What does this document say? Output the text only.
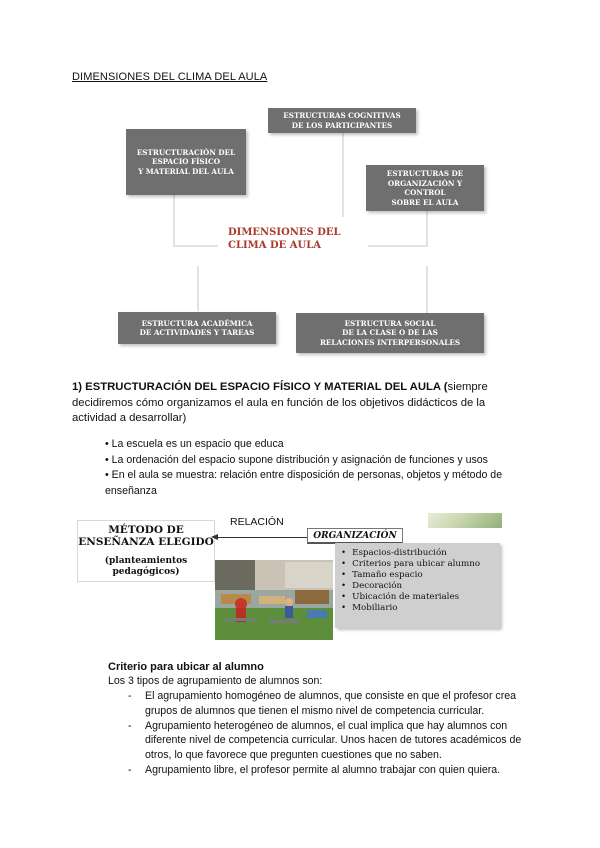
DIMENSIONES DEL CLIMA DEL AULA
ESTRUCTURACIÓN DEL
ESPACIO FÍSICO
Y MATERIAL DEL AULA
ESTRUCTURAS COGNITIVAS
DE LOS PARTICIPANTES
ESTRUCTURAS DE
ORGANIZACIÓN Y
CONTROL
SOBRE EL AULA
DIMENSIONES DEL
CLIMA DE AULA
ESTRUCTURA ACADÉMICA
DE ACTIVIDADES Y TAREAS
ESTRUCTURA SOCIAL
DE LA CLASE O DE LAS
RELACIONES INTERPERSONALES
1) ESTRUCTURACIÓN DEL ESPACIO FÍSICO Y MATERIAL DEL AULA (siempre decidiremos cómo organizamos el aula en función de los objetivos didácticos de la actividad a desarrollar)
• La escuela es un espacio que educa
• La ordenación del espacio supone distribución y asignación de funciones y usos
• En el aula se muestra: relación entre disposición de personas, objetos y método de enseñanza
MÉTODO DE
ENSEÑANZA ELEGIDO
(planteamientos
pedagógicos)
RELACIÓN
ORGANIZACIÓN
• Espacios-distribución
• Criterios para ubicar alumno
• Tamaño espacio
• Decoración
• Ubicación de materiales
• Mobiliario
Criterio para ubicar al alumno
Los 3 tipos de agrupamiento de alumnos son:
- El agrupamiento homogéneo de alumnos, que consiste en que el profesor crea grupos de alumnos que tienen el mismo nivel de competencia curricular.
- Agrupamiento heterogéneo de alumnos, el cual implica que hay alumnos con diferente nivel de competencia curricular. Unos hacen de tutores académicos de otros, lo que favorece que pregunten cuestiones que no saben.
- Agrupamiento libre, el profesor permite al alumno trabajar con quien quiera.
